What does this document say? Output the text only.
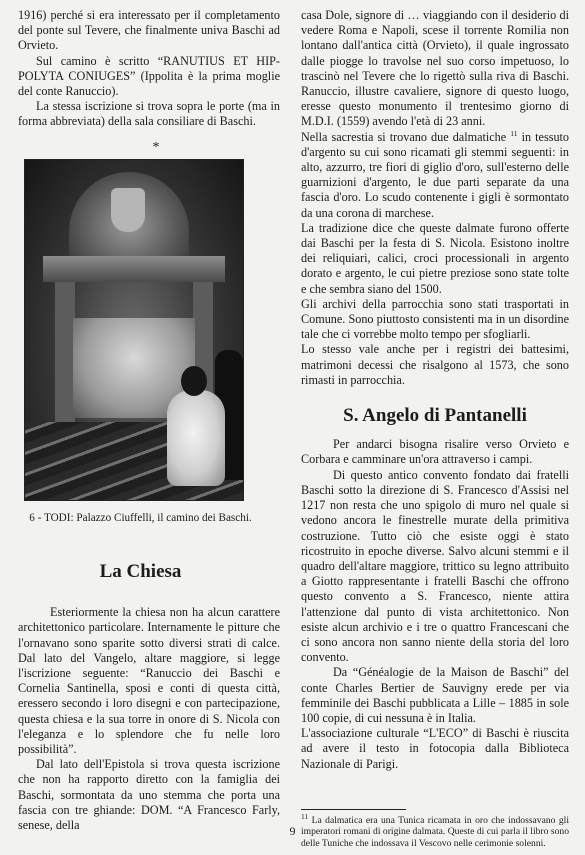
1916) perché si era interessato per il completamento del ponte sul Tevere, che finalmente univa Baschi ad Orvieto.

Sul camino è scritto “RANUTIUS ET HIP-POLYTA CONIUGES” (Ippolita è la prima moglie del conte Ranuccio).

La stessa iscrizione si trova sopra le porte (ma in forma abbreviata) della sala consiliare di Baschi.

*
6 - TODI: Palazzo Ciuffelli, il camino dei Baschi.
La Chiesa

Esteriormente la chiesa non ha alcun carattere architettonico particolare. Internamente le pitture che l'ornavano sono sparite sotto diversi strati di calce. Dal lato del Vangelo, altare maggiore, si legge l'iscrizione seguente: “Ranuccio dei Baschi e Cornelia Santinella, sposi e conti di questa città, eressero secondo i loro disegni e con partecipazione, questa chiesa e la sua torre in onore di S. Nicola con l'eleganza e lo splendore che fu nelle loro possibilità”.

Dal lato dell'Epistola si trova questa iscrizione che non ha rapporto diretto con la famiglia dei Baschi, sormontata da uno stemma che porta una fascia con tre ghiande: DOM. “A Francesco Farly, senese, della

casa Dole, signore di … viaggiando con il desiderio di vedere Roma e Napoli, scese il torrente Romilia non lontano dall'antica città (Orvieto), il quale ingrossato dalle piogge lo travolse nel suo corso impetuoso, lo trascinò nel Tevere che lo rigettò sulla riva di Baschi. Ranuccio, illustre cavaliere, signore di questo luogo, eresse questo monumento il trentesimo giorno di M.D.I. (1559) avendo l'età di 23 anni.

Nella sacrestia si trovano due dalmatiche $^{11}$ in tessuto d'argento su cui sono ricamati gli stemmi seguenti: in alto, azzurro, tre fiori di giglio d'oro, sull'esterno delle guarnizioni d'argento, le due parti separate da una fascia d'oro. Lo scudo contenente i gigli è sormontato da una corona di marchese.

La tradizione dice che queste dalmate furono offerte dai Baschi per la festa di S. Nicola. Esistono inoltre dei reliquiari, calici, croci processionali in argento dorato e argento, le cui pietre preziose sono state tolte e che sembra siano del 1500.

Gli archivi della parrocchia sono stati trasportati in Comune. Sono piuttosto consistenti ma in un disordine tale che ci vorrebbe molto tempo per sfogliarli.

Lo stesso vale anche per i registri dei battesimi, matrimoni decessi che risalgono al 1573, che sono rimasti in parrocchia.

S. Angelo di Pantanelli

Per andarci bisogna risalire verso Orvieto e Corbara e camminare un'ora attraverso i campi.

Di questo antico convento fondato dai fratelli Baschi sotto la direzione di S. Francesco d'Assisi nel 1217 non resta che uno spigolo di muro nel quale si vedono ancora le finestrelle murate della primitiva costruzione. Tutto ciò che esiste oggi è stato ricostruito in epoche diverse. Salvo alcuni stemmi e il quadro dell'altare maggiore, trittico su legno attribuito a Giotto rappresentante i fratelli Baschi che offrono questo convento a S. Francesco, niente attira l'attenzione dal punto di vista architettonico. Non esiste alcun archivio e i tre o quattro Francescani che ci sono ancora non sanno niente della storia del loro convento.

Da “Généalogie de la Maison de Baschi” del conte Charles Bertier de Sauvigny erede per via femminile dei Baschi pubblicata a Lille – 1885 in sole 100 copie, di cui nessuna è in Italia.

L'associazione culturale “L'ECO” di Baschi è riuscita ad avere il testo in fotocopia dalla Biblioteca Nazionale di Parigi.

$^{11}$ La dalmatica era una Tunica ricamata in oro che indossavano gli imperatori romani di origine dalmata. Queste di cui parla il libro sono delle Tuniche che indossava il Vescovo nelle cerimonie solenni.

9
